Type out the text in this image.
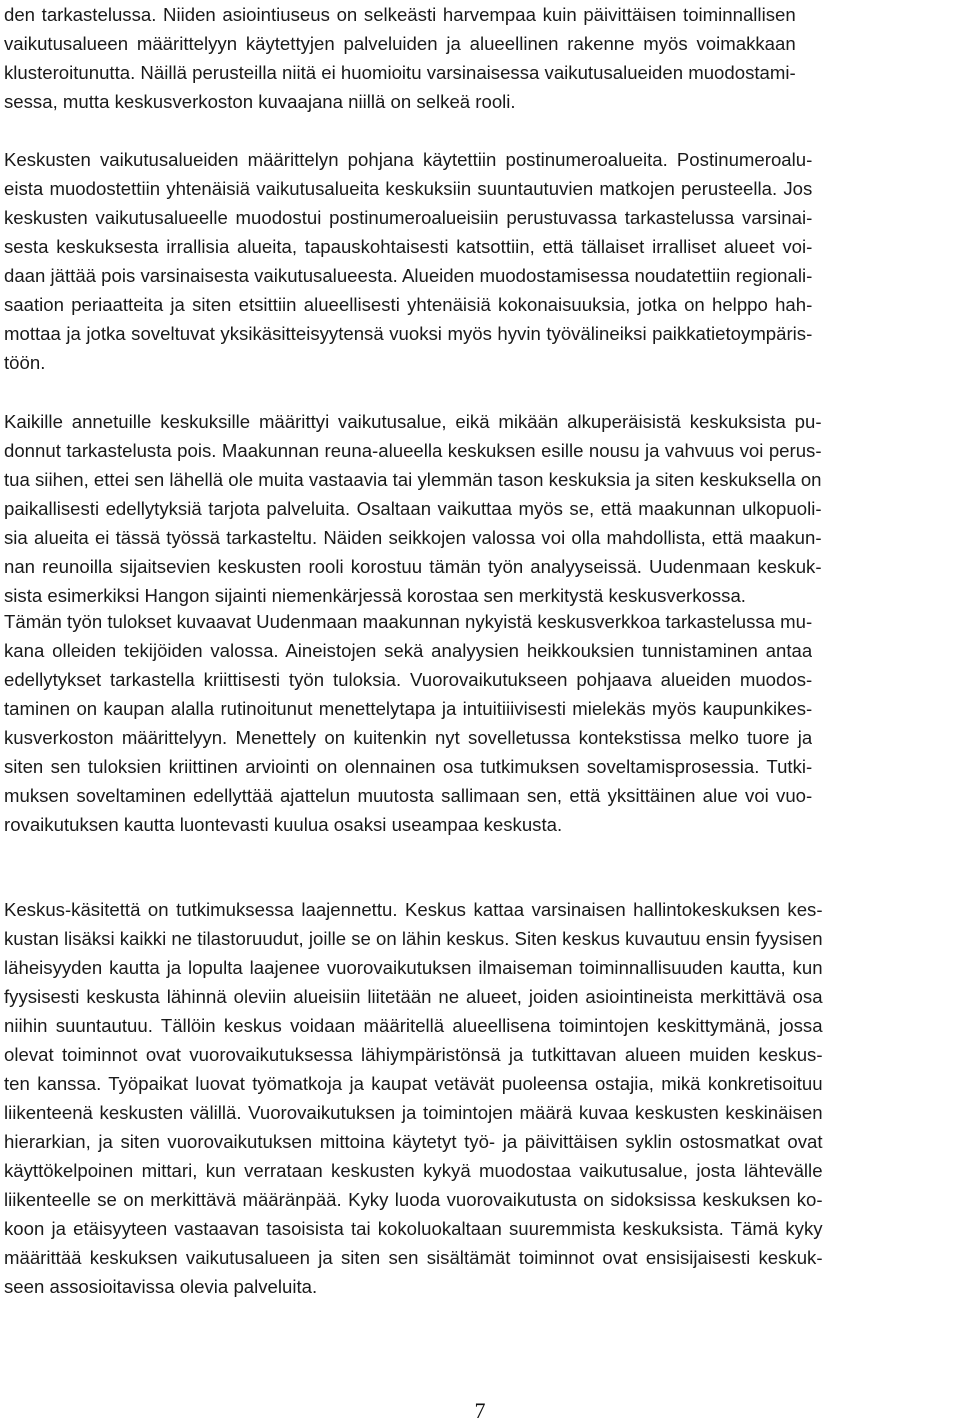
den tarkastelussa. Niiden asiointiuseus on selkeästi harvempaa kuin päivittäisen toiminnallisen
vaikutusalueen määrittelyyn käytettyjen palveluiden ja alueellinen rakenne myös voimakkaan
klusteroitunutta. Näillä perusteilla niitä ei huomioitu varsinaisessa vaikutusalueiden muodostami-
sessa, mutta keskusverkoston kuvaajana niillä on selkeä rooli.

Keskusten vaikutusalueiden määrittelyn pohjana käytettiin postinumeroalueita. Postinumeroalu-
eista muodostettiin yhtenäisiä vaikutusalueita keskuksiin suuntautuvien matkojen perusteella. Jos
keskusten vaikutusalueelle muodostui postinumeroalueisiin perustuvassa tarkastelussa varsinai-
sesta keskuksesta irrallisia alueita, tapauskohtaisesti katsottiin, että tällaiset irralliset alueet voi-
daan jättää pois varsinaisesta vaikutusalueesta. Alueiden muodostamisessa noudatettiin regionali-
saation periaatteita ja siten etsittiin alueellisesti yhtenäisiä kokonaisuuksia, jotka on helppo hah-
mottaa ja jotka soveltuvat yksikäsitteisyytensä vuoksi myös hyvin työvälineiksi paikkatietoympäris-
töön.

Kaikille annetuille keskuksille määrittyi vaikutusalue, eikä mikään alkuperäisistä keskuksista pu-
donnut tarkastelusta pois. Maakunnan reuna-alueella keskuksen esille nousu ja vahvuus voi perus-
tua siihen, ettei sen lähellä ole muita vastaavia tai ylemmän tason keskuksia ja siten keskuksella on
paikallisesti edellytyksiä tarjota palveluita. Osaltaan vaikuttaa myös se, että maakunnan ulkopuoli-
sia alueita ei tässä työssä tarkasteltu. Näiden seikkojen valossa voi olla mahdollista, että maakun-
nan reunoilla sijaitsevien keskusten rooli korostuu tämän työn analyyseissä. Uudenmaan keskuk-
sista esimerkiksi Hangon sijainti niemenkärjessä korostaa sen merkitystä keskusverkossa.

Tämän työn tulokset kuvaavat Uudenmaan maakunnan nykyistä keskusverkkoa tarkastelussa mu-
kana olleiden tekijöiden valossa. Aineistojen sekä analyysien heikkouksien tunnistaminen antaa
edellytykset tarkastella kriittisesti työn tuloksia. Vuorovaikutukseen pohjaava alueiden muodos-
taminen on kaupan alalla rutinoitunut menettelytapa ja intuitiiivisesti mielekäs myös kaupunkikes-
kusverkoston määrittelyyn. Menettely on kuitenkin nyt sovelletussa kontekstissa melko tuore ja
siten sen tuloksien kriittinen arviointi on olennainen osa tutkimuksen soveltamisprosessia. Tutki-
muksen soveltaminen edellyttää ajattelun muutosta sallimaan sen, että yksittäinen alue voi vuo-
rovaikutuksen kautta luontevasti kuulua osaksi useampaa keskusta.

Keskus-käsitettä on tutkimuksessa laajennettu. Keskus kattaa varsinaisen hallintokeskuksen kes-
kustan lisäksi kaikki ne tilastoruudut, joille se on lähin keskus. Siten keskus kuvautuu ensin fyysisen
läheisyyden kautta ja lopulta laajenee vuorovaikutuksen ilmaiseman toiminnallisuuden kautta, kun
fyysisesti keskusta lähinnä oleviin alueisiin liitetään ne alueet, joiden asiointineista merkittävä osa
niihin suuntautuu. Tällöin keskus voidaan määritellä alueellisena toimintojen keskittymänä, jossa
olevat toiminnot ovat vuorovaikutuksessa lähiympäristönsä ja tutkittavan alueen muiden keskus-
ten kanssa. Työpaikat luovat työmatkoja ja kaupat vetävät puoleensa ostajia, mikä konkretisoituu
liikenteenä keskusten välillä. Vuorovaikutuksen ja toimintojen määrä kuvaa keskusten keskinäisen
hierarkian, ja siten vuorovaikutuksen mittoina käytetyt työ- ja päivittäisen syklin ostosmatkat ovat
käyttökelpoinen mittari, kun verrataan keskusten kykyä muodostaa vaikutusalue, josta lähtevälle
liikenteelle se on merkittävä määränpää. Kyky luoda vuorovaikutusta on sidoksissa keskuksen ko-
koon ja etäisyyteen vastaavan tasoisista tai kokoluokaltaan suuremmista keskuksista. Tämä kyky
määrittää keskuksen vaikutusalueen ja siten sen sisältämät toiminnot ovat ensisijaisesti keskuk-
seen assosioitavissa olevia palveluita.

7
